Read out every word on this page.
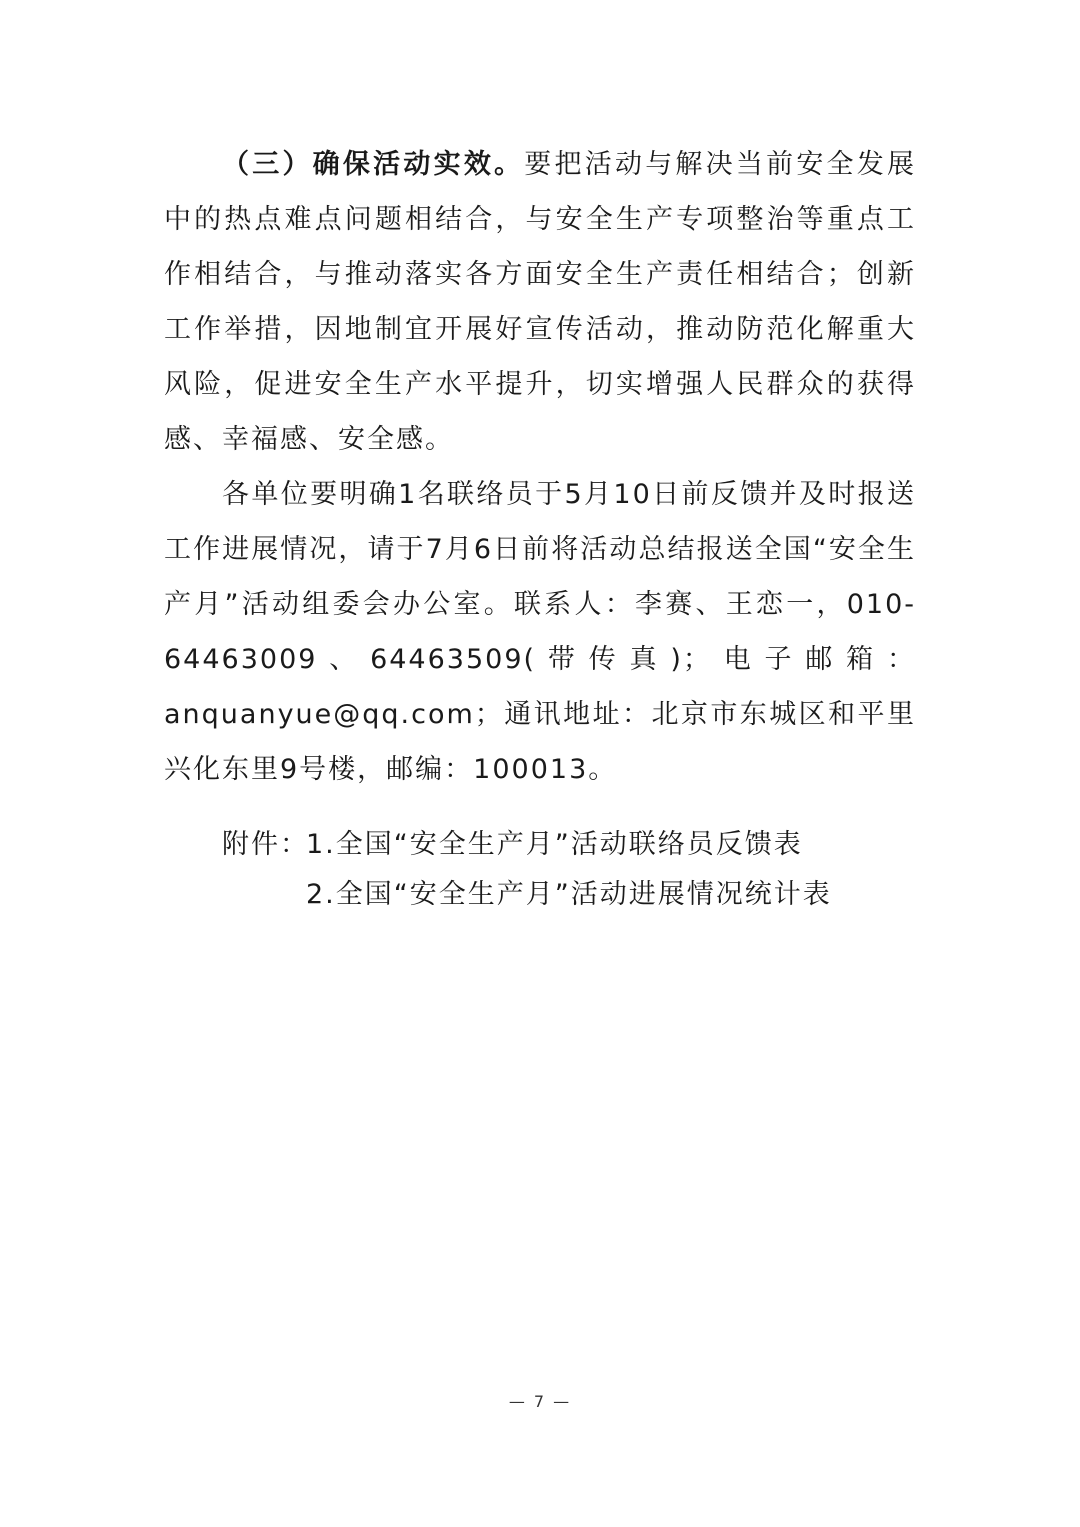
（三）确保活动实效。要把活动与解决当前安全发展中的热点难点问题相结合，与安全生产专项整治等重点工作相结合，与推动落实各方面安全生产责任相结合；创新工作举措，因地制宜开展好宣传活动，推动防范化解重大风险，促进安全生产水平提升，切实增强人民群众的获得感、幸福感、安全感。

各单位要明确1名联络员于5月10日前反馈并及时报送工作进展情况，请于7月6日前将活动总结报送全国“安全生产月”活动组委会办公室。联系人：李赛、王恋一，010-64463009、64463509(带传真)；电子邮箱：anquanyue@qq.com；通讯地址：北京市东城区和平里兴化东里9号楼，邮编：100013。

附件：
1.全国“安全生产月”活动联络员反馈表
2.全国“安全生产月”活动进展情况统计表
— 7 —
